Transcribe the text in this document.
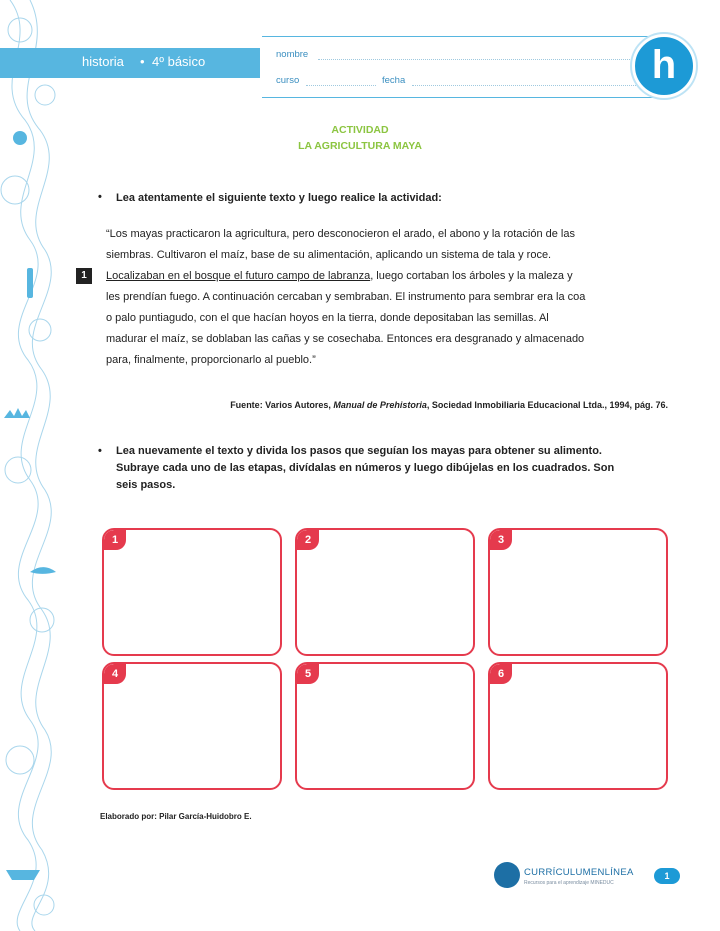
historia • 4º básico	nombre
curso	fecha	h
ACTIVIDAD
LA AGRICULTURA MAYA
• Lea atentamente el siguiente texto y luego realice la actividad:
1

“Los mayas practicaron la agricultura, pero desconocieron el arado, el abono y la rotación de las

siembras. Cultivaron el maíz, base de su alimentación, aplicando un sistema de tala y roce.

Localizaban en el bosque el futuro campo de labranza, luego cortaban los árboles y la maleza y

les prendían fuego. A continuación cercaban y sembraban. El instrumento para sembrar era la coa

o palo puntiagudo, con el que hacían hoyos en la tierra, donde depositaban las semillas. Al

madurar el maíz, se doblaban las cañas y se cosechaba. Entonces era desgranado y almacenado

para, finalmente, proporcionarlo al pueblo.”

Fuente: Varios Autores, Manual de Prehistoria, Sociedad Inmobiliaria Educacional Ltda., 1994, pág. 76.
• Lea nuevamente el texto y divida los pasos que seguían los mayas para obtener su alimento.
Subraye cada uno de las etapas, divídalas en números y luego dibújelas en los cuadrados. Son
seis pasos.
1	2	3
4	5	6
Elaborado por: Pilar García-Huidobro E.
CURRÍCULUMENLÍNEA
Recursos para el aprendizaje MINEDUC
1
